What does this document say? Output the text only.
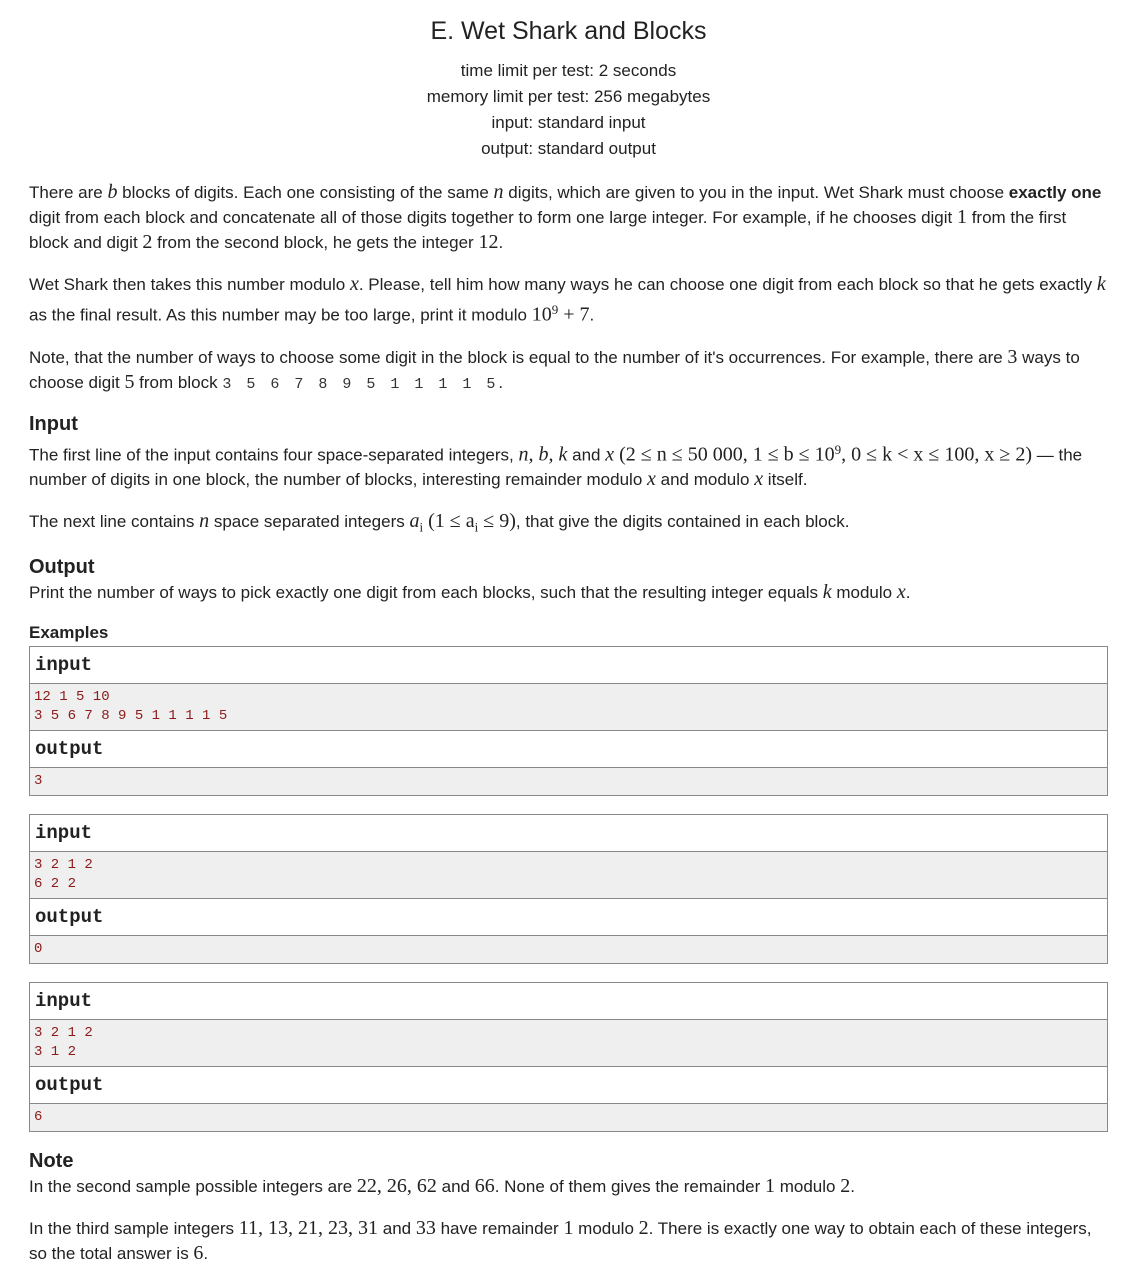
E. Wet Shark and Blocks
time limit per test: 2 seconds
memory limit per test: 256 megabytes
input: standard input
output: standard output

There are b blocks of digits. Each one consisting of the same n digits, which are given to you in the input. Wet Shark must choose exactly one digit from each block and concatenate all of those digits together to form one large integer. For example, if he chooses digit 1 from the first block and digit 2 from the second block, he gets the integer 12.

Wet Shark then takes this number modulo x. Please, tell him how many ways he can choose one digit from each block so that he gets exactly k as the final result. As this number may be too large, print it modulo $10^9 + 7$.

Note, that the number of ways to choose some digit in the block is equal to the number of it's occurrences. For example, there are 3 ways to choose digit 5 from block 3 5 6 7 8 9 5 1 1 1 1 5.

Input

The first line of the input contains four space-separated integers, n, b, k and x (2 ≤ n ≤ 50 000, $1 \le b \le 10^9$, 0 ≤ k < x ≤ 100, x ≥ 2) — the number of digits in one block, the number of blocks, interesting remainder modulo x and modulo x itself.

The next line contains n space separated integers $a_i$ $(1 \le a_i \le 9)$, that give the digits contained in each block.

Output

Print the number of ways to pick exactly one digit from each blocks, such that the resulting integer equals k modulo x.

Examples
input
12 1 5 10
3 5 6 7 8 9 5 1 1 1 1 5
output
3
input
3 2 1 2
6 2 2
output
0
input
3 2 1 2
3 1 2
output
6
Note

In the second sample possible integers are 22, 26, 62 and 66. None of them gives the remainder 1 modulo 2.

In the third sample integers 11, 13, 21, 23, 31 and 33 have remainder 1 modulo 2. There is exactly one way to obtain each of these integers, so the total answer is 6.
